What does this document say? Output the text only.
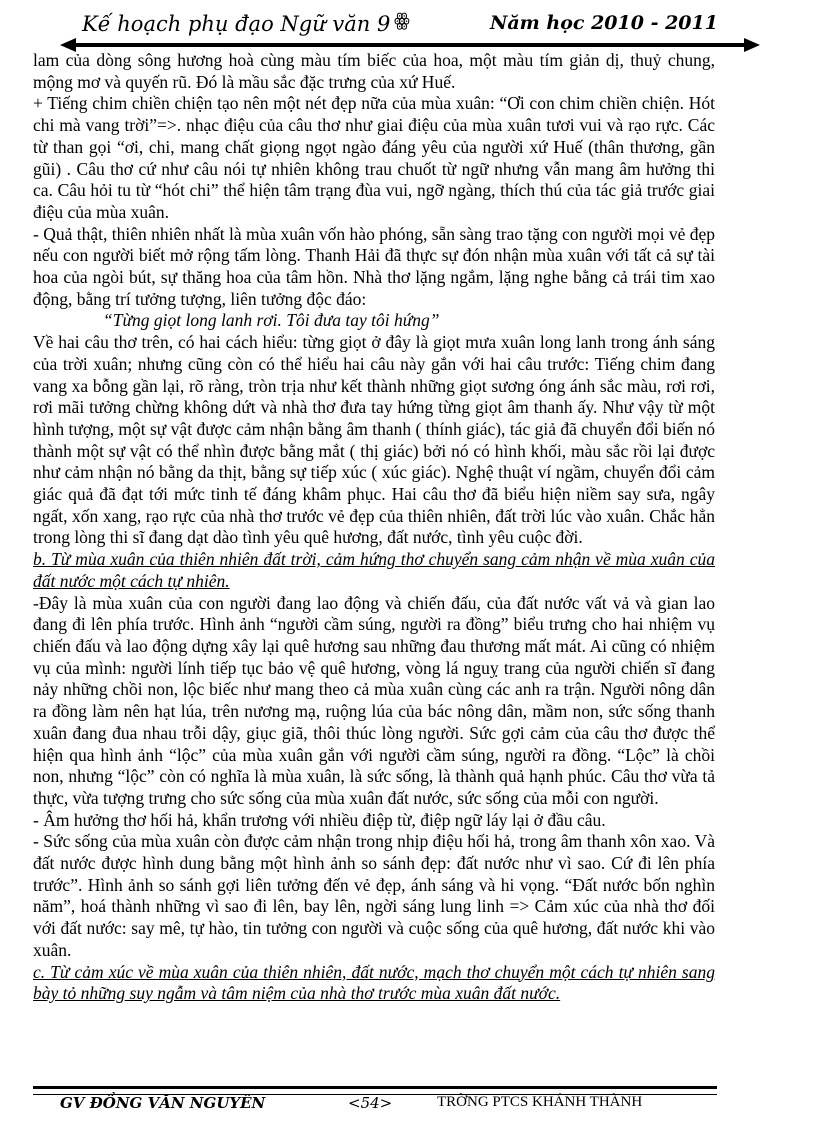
Kế hoạch phụ đạo Ngữ văn 9 ꙮ	Năm học 2010 - 2011

lam của dòng sông hương hoà cùng màu tím biếc của hoa, một màu tím giản dị, thuỷ chung, mộng mơ và quyến rũ. Đó là mầu sắc đặc trưng của xứ Huế.

+ Tiếng chim chiền chiện tạo nên một nét đẹp nữa của mùa xuân: “Ơi con chim chiền chiện. Hót chi mà vang trời”=>. nhạc điệu của câu thơ như giai điệu của mùa xuân tươi vui và rạo rực. Các từ than gọi “ơi, chi, mang chất giọng ngọt ngào đáng yêu của người xứ Huế (thân thương, gần gũi) . Câu thơ cứ như câu nói tự nhiên không trau chuốt từ ngữ nhưng vẫn mang âm hưởng thi ca. Câu hỏi tu từ “hót chi” thể hiện tâm trạng đùa vui, ngỡ ngàng, thích thú của tác giả trước giai điệu của mùa xuân.

- Quả thật, thiên nhiên nhất là mùa xuân vốn hào phóng, sẵn sàng trao tặng con người mọi vẻ đẹp nếu con người biết mở rộng tấm lòng. Thanh Hải đã thực sự đón nhận mùa xuân với tất cả sự tài hoa của ngòi bút, sự thăng hoa của tâm hồn. Nhà thơ lặng ngắm, lặng nghe bằng cả trái tim xao động, bằng trí tưởng tượng, liên tưởng độc đáo:

“Từng giọt long lanh rơi. Tôi đưa tay tôi hứng”

Về hai câu thơ trên, có hai cách hiểu: từng giọt ở đây là giọt mưa xuân long lanh trong ánh sáng của trời xuân; nhưng cũng còn có thể hiểu hai câu này gắn với hai câu trước: Tiếng chim đang vang xa bỗng gần lại, rõ ràng, tròn trịa như kết thành những giọt sương óng ánh sắc màu, rơi rơi, rơi mãi tưởng chừng không dứt và nhà thơ đưa tay hứng từng giọt âm thanh ấy. Như vậy từ một hình tượng, một sự vật được cảm nhận bằng âm thanh ( thính giác), tác giả đã chuyển đổi biến nó thành một sự vật có thể nhìn được bằng mắt ( thị giác) bởi nó có hình khối, màu sắc rồi lại được như cảm nhận nó bằng da thịt, bằng sự tiếp xúc ( xúc giác). Nghệ thuật ví ngầm, chuyển đổi cảm giác quả đã đạt tới mức tinh tế đáng khâm phục. Hai câu thơ đã biểu hiện niềm say sưa, ngây ngất, xốn xang, rạo rực của nhà thơ trước vẻ đẹp của thiên nhiên, đất trời lúc vào xuân. Chắc hẳn trong lòng thi sĩ đang dạt dào tình yêu quê hương, đất nước, tình yêu cuộc đời.

b. Từ mùa xuân của thiên nhiên đất trời, cảm hứng thơ chuyển sang cảm nhận về mùa xuân của đất nước một cách tự nhiên.

-Đây là mùa xuân của con người đang lao động và chiến đấu, của đất nước vất vả và gian lao đang đi lên phía trước. Hình ảnh “người cầm súng, người ra đồng” biểu trưng cho hai nhiệm vụ chiến đấu và lao động dựng xây lại quê hương sau những đau thương mất mát. Ai cũng có nhiệm vụ của mình: người lính tiếp tục bảo vệ quê hương, vòng lá nguỵ trang của người chiến sĩ đang nảy những chồi non, lộc biếc như mang theo cả mùa xuân cùng các anh ra trận. Người nông dân ra đồng làm nên hạt lúa, trên nương mạ, ruộng lúa của bác nông dân, mầm non, sức sống thanh xuân đang đua nhau trỗi dậy, giục giã, thôi thúc lòng người. Sức gợi cảm của câu thơ được thể hiện qua hình ảnh “lộc” của mùa xuân gắn với người cầm súng, người ra đồng. “Lộc” là chồi non, nhưng “lộc” còn có nghĩa là mùa xuân, là sức sống, là thành quả hạnh phúc. Câu thơ vừa tả thực, vừa tượng trưng cho sức sống của mùa xuân đất nước, sức sống của mỗi con người.

- Âm hưởng thơ hối hả, khẩn trương với nhiều điệp từ, điệp ngữ láy lại ở đầu câu.

- Sức sống của mùa xuân còn được cảm nhận trong nhịp điệu hối hả, trong âm thanh xôn xao. Và đất nước được hình dung bằng một hình ảnh so sánh đẹp: đất nước như vì sao. Cứ đi lên phía trước”. Hình ảnh so sánh gợi liên tưởng đến vẻ đẹp, ánh sáng và hi vọng. “Đất nước bốn nghìn năm”, hoá thành những vì sao đi lên, bay lên, ngời sáng lung linh => Cảm xúc của nhà thơ đối với đất nước: say mê, tự hào, tin tưởng con người và cuộc sống của quê hương, đất nước khi vào xuân.

c. Từ cảm xúc về mùa xuân của thiên nhiên, đất nước, mạch thơ chuyển một cách tự nhiên sang bày tỏ những suy ngẫm và tâm niệm của nhà thơ trước mùa xuân đất nước.

GV ĐỒNG VĂN NGUYÊN	<54>	TRỜNG PTCS KHÁNH THÀNH
